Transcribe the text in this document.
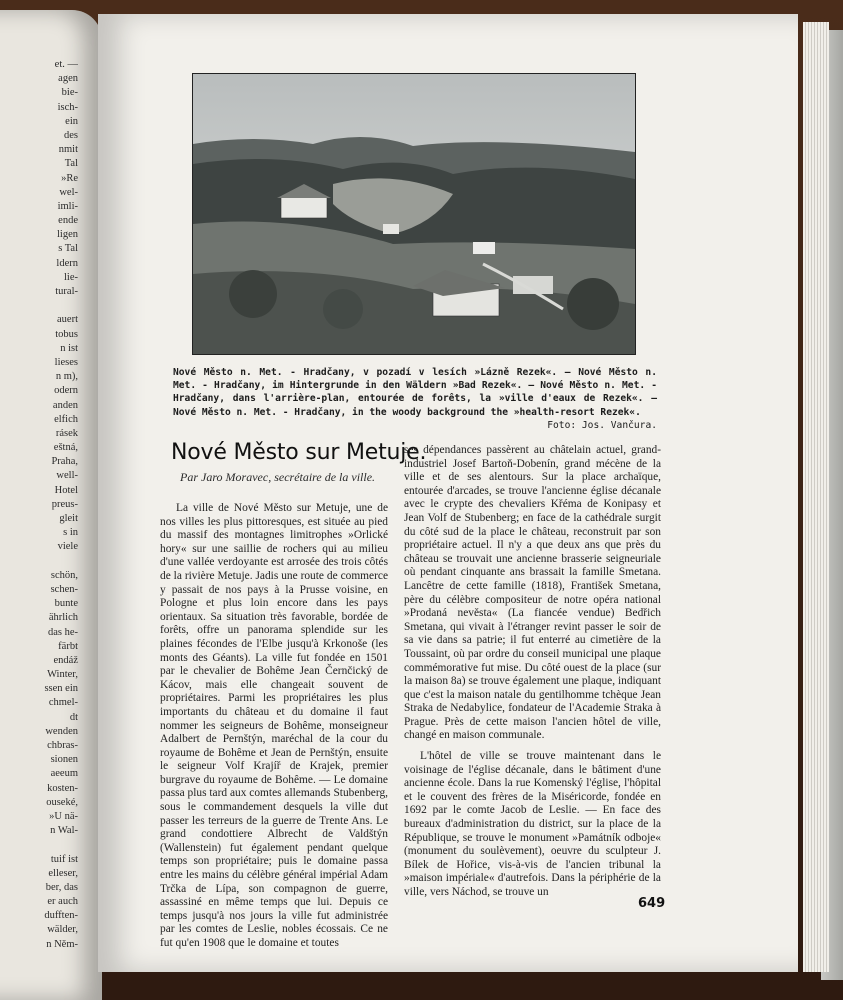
et. —
agen
bie-
isch-
ein
des
nmit
Tal
»Re
wel-
imli-
ende
ligen
s Tal
ldern
lie-
tural-
auert
tobus
n ist
lieses
n m),
odern
anden
elfich
rásek
eštná,
Praha,
well-
Hotel
preus-
gleit
s in
viele
schön,
schen-
bunte
ährlich
das he-
färbt
endáž
Winter,
ssen ein
chmel-
dt
wenden
chbras-
sionen
aeeum
kosten-
ouseké,
»U nä-
n Wal-
tuif ist
elleser,
ber, das
er auch
dufften-
wälder,
n Něm-
Nové Město n. Met. - Hradčany, v pozadí v lesích »Lázně Rezek«. — Nové Město n. Met. - Hradčany, im Hintergrunde in den Wäldern »Bad Rezek«. — Nové Město n. Met. - Hradčany, dans l'arrière-plan, entourée de forêts, la »ville d'eaux de Rezek«. — Nové Město n. Met. - Hradčany, in the woody background the »health-resort Rezek«.
Foto: Jos. Vančura.
Nové Město sur Metuje.
Par Jaro Moravec, secrétaire de la ville.

La ville de Nové Město sur Metuje, une de nos villes les plus pittoresques, est située au pied du massif des montagnes limitrophes »Orlické hory« sur une saillie de rochers qui au milieu d'une vallée verdoyante est arrosée des trois côtés de la rivière Metuje. Jadis une route de commerce y passait de nos pays à la Prusse voisine, en Pologne et plus loin encore dans les pays orientaux. Sa situation très favorable, bordée de forêts, offre un panorama splendide sur les plaines fécondes de l'Elbe jusqu'à Krkonoše (les monts des Géants). La ville fut fondée en 1501 par le chevalier de Bohême Jean Černčický de Kácov, mais elle changeait souvent de propriétaires. Parmi les propriétaires les plus importants du château et du domaine il faut nommer les seigneurs de Bohême, monseigneur Adalbert de Pernštýn, maréchal de la cour du royaume de Bohême et Jean de Pernštýn, ensuite le seigneur Volf Krajíř de Krajek, premier burgrave du royaume de Bohême. — Le domaine passa plus tard aux comtes allemands Stubenberg, sous le commandement desquels la ville dut passer les terreurs de la guerre de Trente Ans. Le grand condottiere Albrecht de Valdštýn (Wallenstein) fut également pendant quelque temps son propriétaire; puis le domaine passa entre les mains du célèbre général impérial Adam Trčka de Lípa, son compagnon de guerre, assassiné en même temps que lui. Depuis ce temps jusqu'à nos jours la ville fut administrée par les comtes de Leslie, nobles écossais. Ce ne fut qu'en 1908 que le domaine et toutes

ses dépendances passèrent au châtelain actuel, grand-industriel Josef Bartoň-Dobenín, grand mécène de la ville et de ses alentours. Sur la place archaïque, entourée d'arcades, se trouve l'ancienne église décanale avec le crypte des chevaliers Křéma de Konipasy et Jean Volf de Stubenberg; en face de la cathédrale surgit du côté sud de la place le château, reconstruit par son propriétaire actuel. Il n'y a que deux ans que près du château se trouvait une ancienne brasserie seigneuriale où pendant cinquante ans brassait la famille Smetana. Lancêtre de cette famille (1818), František Smetana, père du célèbre compositeur de notre opéra national »Prodaná nevěsta« (La fiancée vendue) Bedřich Smetana, qui vivait à l'étranger revint passer le soir de sa vie dans sa patrie; il fut enterré au cimetière de la Toussaint, où par ordre du conseil municipal une plaque commémorative fut mise. Du côté ouest de la place (sur la maison 8a) se trouve également une plaque, indiquant que c'est la maison natale du gentilhomme tchèque Jean Straka de Nedabylice, fondateur de l'Academie Straka à Prague. Près de cette maison l'ancien hôtel de ville, changé en maison communale.

L'hôtel de ville se trouve maintenant dans le voisinage de l'église décanale, dans le bâtiment d'une ancienne école. Dans la rue Komenský l'église, l'hôpital et le couvent des frères de la Miséricorde, fondée en 1692 par le comte Jacob de Leslie. — En face des bureaux d'administration du district, sur la place de la République, se trouve le monument »Památník odboje« (monument du soulèvement), oeuvre du sculpteur J. Bílek de Hořice, vis-à-vis de l'ancien tribunal la »maison impériale« d'autrefois. Dans la périphérie de la ville, vers Náchod, se trouve un

649
